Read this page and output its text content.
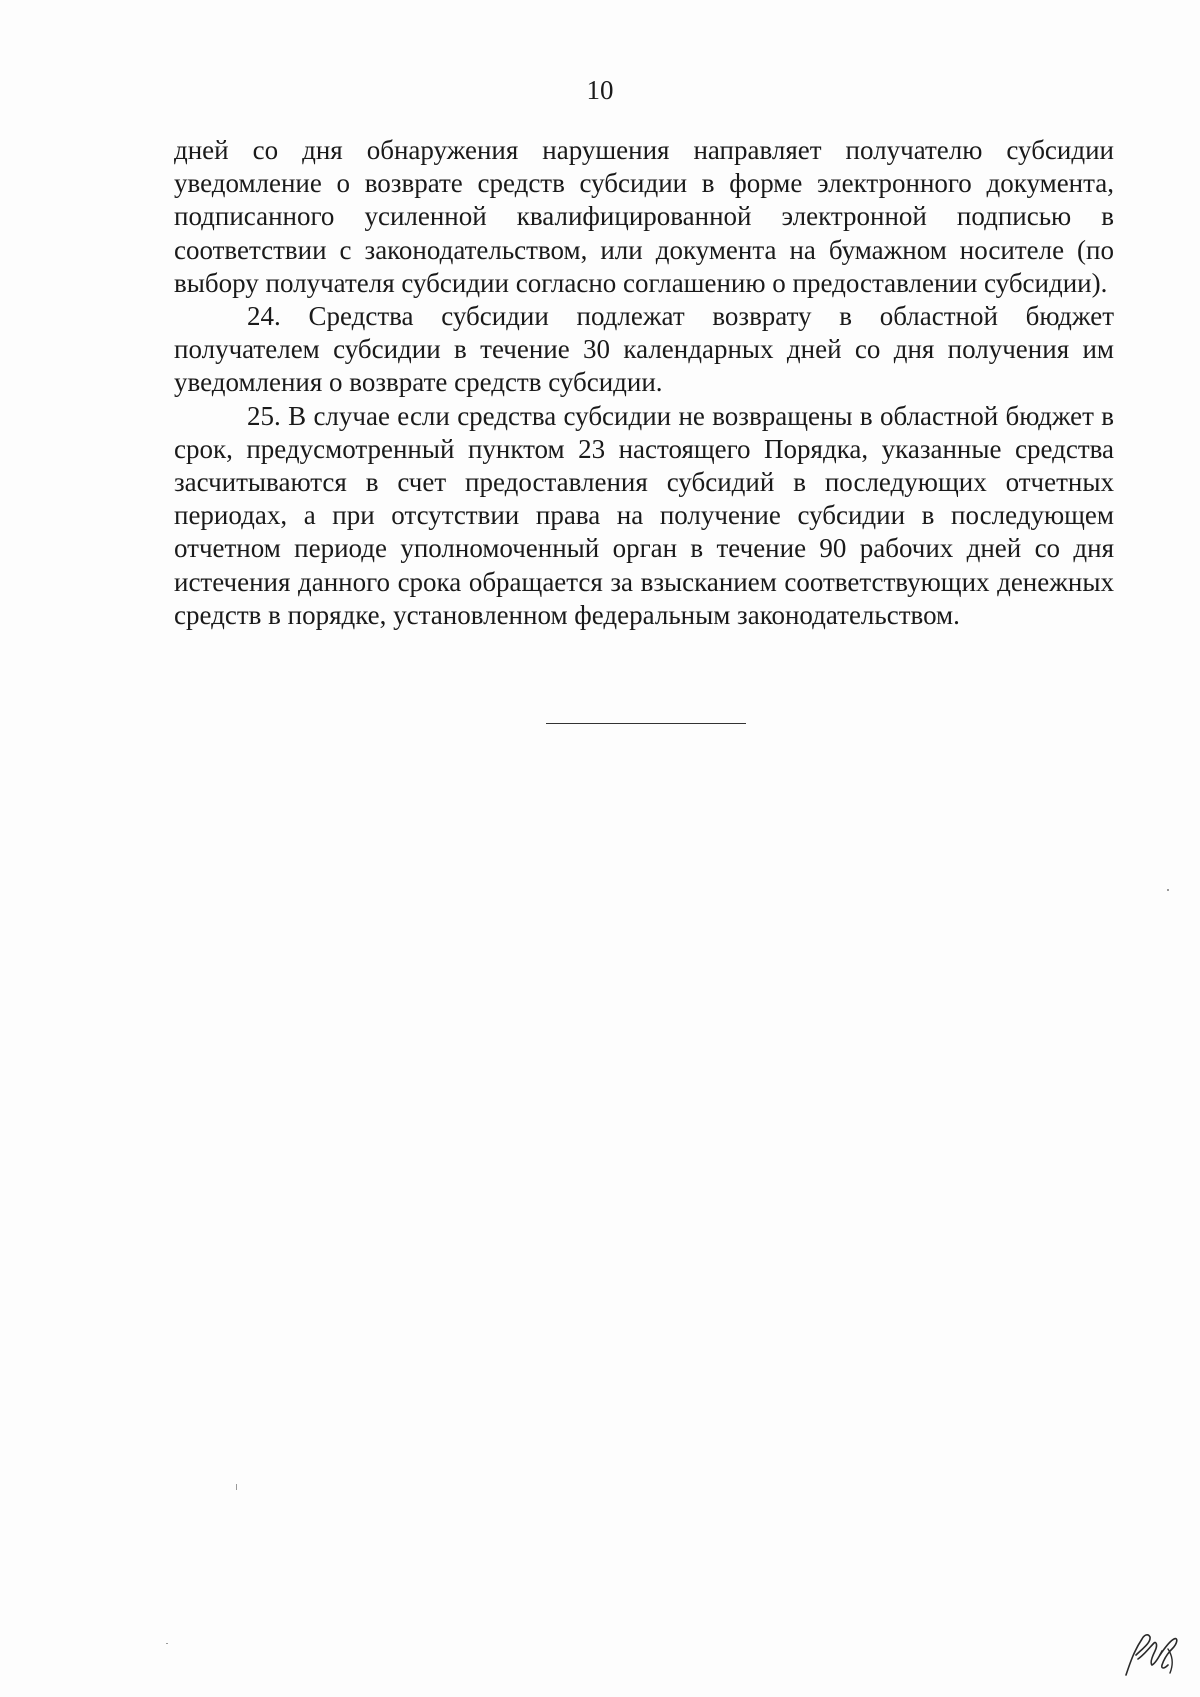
10

дней со дня обнаружения нарушения направляет получателю субсидии уведомление о возврате средств субсидии в форме электронного документа, подписанного усиленной квалифицированной электронной подписью в соответствии с законодательством, или документа на бумажном носителе (по выбору получателя субсидии согласно соглашению о предоставлении субсидии).

24. Средства субсидии подлежат возврату в областной бюджет получателем субсидии в течение 30 календарных дней со дня получения им уведомления о возврате средств субсидии.

25. В случае если средства субсидии не возвращены в областной бюджет в срок, предусмотренный пунктом 23 настоящего Порядка, указанные средства засчитываются в счет предоставления субсидий в последующих отчетных периодах, а при отсутствии права на получение субсидии в последующем отчетном периоде уполномоченный орган в течение 90 рабочих дней со дня истечения данного срока обращается за взысканием соответствующих денежных средств в порядке, установленном федеральным законодательством.
